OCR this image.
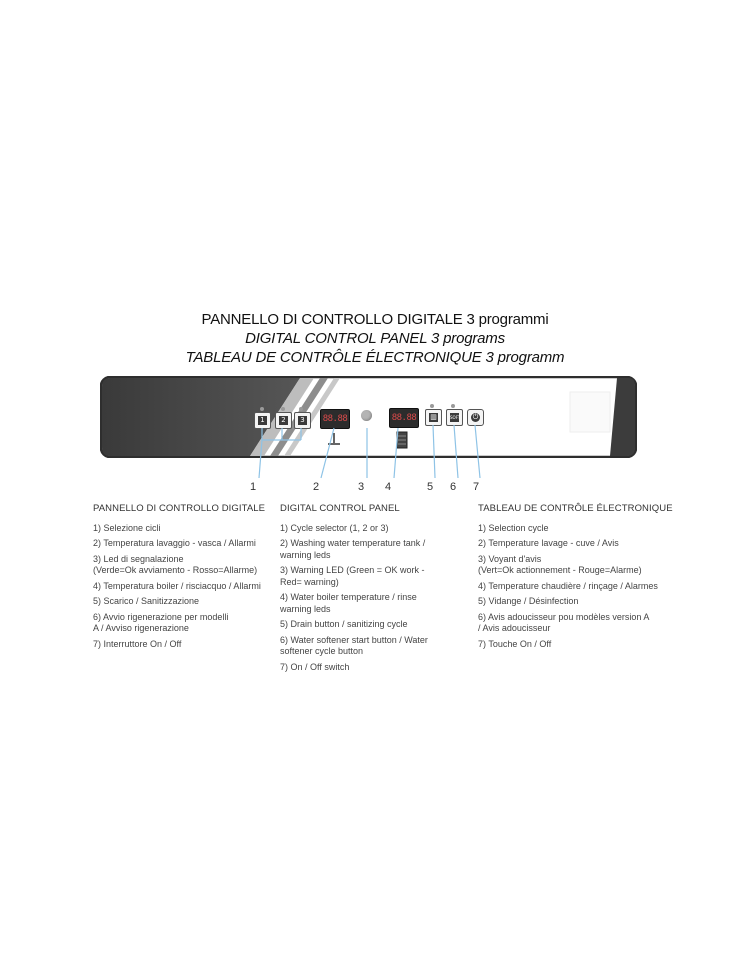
PANNELLO DI CONTROLLO DIGITALE 3 programmi
DIGITAL CONTROL PANEL 3 programs
TABLEAU DE CONTRÔLE ÉLECTRONIQUE 3 programm
1	2	3	88.88	88.88	▥	SOFT ⏻
1	2	3 4	5 6 7
PANNELLO DI CONTROLLO DIGITALE
1) Selezione cicli
2) Temperatura lavaggio - vasca / Allarmi
3) Led di segnalazione
(Verde=Ok avviamento - Rosso=Allarme)
4) Temperatura boiler / risciacquo / Allarmi
5) Scarico / Sanitizzazione
6) Avvio rigenerazione per modelli
A / Avviso rigenerazione
7) Interruttore On / Off
DIGITAL CONTROL PANEL
1) Cycle selector (1, 2 or 3)
2) Washing water temperature tank /
warning leds
3) Warning LED (Green = OK work -
Red= warning)
4) Water boiler temperature / rinse
warning leds
5) Drain button / sanitizing cycle
6) Water softener start button / Water
softener cycle button
7) On / Off switch
TABLEAU DE CONTRÔLE ÉLECTRONIQUE
1) Selection cycle
2) Temperature lavage - cuve / Avis
3) Voyant d'avis
(Vert=Ok actionnement - Rouge=Alarme)
4) Temperature chaudière / rinçage / Alarmes
5) Vidange / Désinfection
6) Avis adoucisseur pou modèles version A
/ Avis adoucisseur
7) Touche On / Off
